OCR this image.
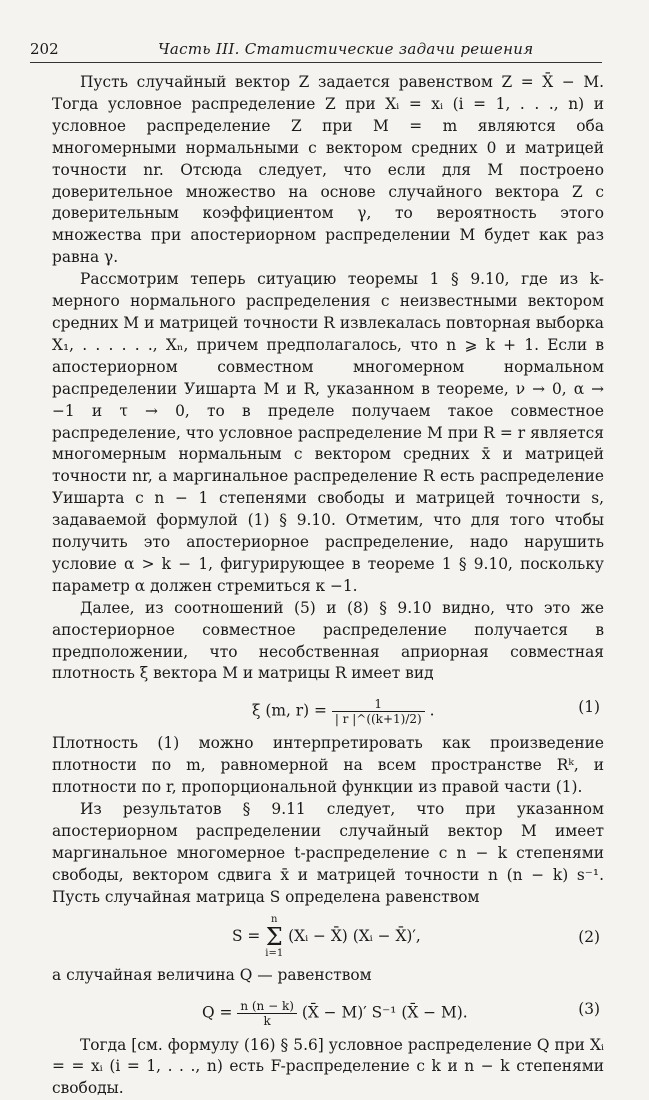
202	Часть III. Статистические задачи решения

Пусть случайный вектор Z задается равенством Z = X̄ − M. Тогда условное распределение Z при Xᵢ = xᵢ (i = 1, . . ., n) и условное распределение Z при M = m являются оба многомерными нормальными с вектором средних 0 и матрицей точности nr. Отсюда следует, что если для M построено доверительное множество на основе случайного вектора Z с доверительным коэффициентом γ, то вероятность этого множества при апостериорном распределении M будет как раз равна γ.

Рассмотрим теперь ситуацию теоремы 1 § 9.10, где из k-мерного нормального распределения с неизвестными вектором средних M и матрицей точности R извлекалась повторная выборка X₁, . . . . . ., Xₙ, причем предполагалось, что n ⩾ k + 1. Если в апостериорном совместном многомерном нормальном распределении Уишарта M и R, указанном в теореме, ν → 0, α → −1 и τ → 0, то в пределе получаем такое совместное распределение, что условное распределение M при R = r является многомерным нормальным с вектором средних x̄ и матрицей точности nr, а маргинальное распределение R есть распределение Уишарта с n − 1 степенями свободы и матрицей точности s, задаваемой формулой (1) § 9.10. Отметим, что для того чтобы получить это апостериорное распределение, надо нарушить условие α > k − 1, фигурирующее в теореме 1 § 9.10, поскольку параметр α должен стремиться к −1.

Далее, из соотношений (5) и (8) § 9.10 видно, что это же апостериорное совместное распределение получается в предположении, что несобственная априорная совместная плотность ξ вектора M и матрицы R имеет вид

ξ (m, $r) = \frac{1}{| r |\^{}((k+1)/2)}$ .	(1)

Плотность (1) можно интерпретировать как произведение плотности по m, равномерной на всем пространстве Rᵏ, и плотности по r, пропорциональной функции из правой части (1).

Из результатов § 9.11 следует, что при указанном апостериорном распределении случайный вектор M имеет маргинальное многомерное t-распределение с n − k степенями свободы, вектором сдвига x̄ и матрицей точности n (n − k) s⁻¹. Пусть случайная матрица S определена равенством

S = n
Σ
i=1 (Xᵢ − X̄) (Xᵢ − X̄)′,	(2)

а случайная величина Q — равенством

$Q = \frac{n (n - k)}{k}$ (X̄ − M)′ S⁻¹ (X̄ − M).	(3)

Тогда [см. формулу (16) § 5.6] условное распределение Q при Xᵢ = = xᵢ (i = 1, . . ., n) есть F-распределение с k и n − k степенями свободы.
